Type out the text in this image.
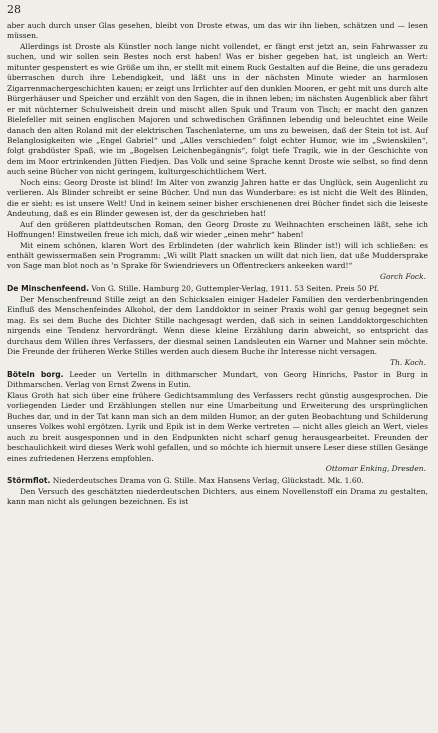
28

aber auch durch unser Glas gesehen, bleibt von Droste etwas, um das wir ihn lieben, schätzen und — lesen müssen.

Allerdings ist Droste als Künstler noch lange nicht vollendet, er fängt erst jetzt an, sein Fahrwasser zu suchen, und wir sollen sein Bestes noch erst haben! Was er bisher gegeben hat, ist ungleich an Wert: mitunter gespenstert es wie Größe um ihn, er stellt mit einem Ruck Gestalten auf die Beine, die uns geradezu überraschen durch ihre Lebendigkeit, und läßt uns in der nächsten Minute wieder an harmlosen Zigarrenmachergeschichten kauen; er zeigt uns Irrlichter auf den dunklen Mooren, er geht mit uns durch alte Bürgerhäuser und Speicher und erzählt von den Sagen, die in ihnen leben; im nächsten Augenblick aber fährt er mit nüchterner Schulweisheit drein und mischt allen Spuk und Traum von Tisch; er macht den ganzen Bielefeller mit seinen englischen Majoren und schwedischen Gräfinnen lebendig und beleuchtet eine Weile danach den alten Roland mit der elektrischen Taschenlaterne, um uns zu beweisen, daß der Stein tot ist. Auf Belanglosigkeiten wie „Engel Gabriel“ und „Alles verschieden“ folgt echter Humor, wie im „Swienskilen“, folgt grabdüster Spaß, wie im „Bogelsen Leichenbegängnis“, folgt tiefe Tragik, wie in der Geschichte von dem im Moor ertrinkenden Jütten Fiedjen. Das Volk und seine Sprache kennt Droste wie selbst, so find denn auch seine Bücher von nicht geringem, kulturgeschichtlichem Wert.

Noch eins: Georg Droste ist blind! Im Alter von zwanzig Jahren hatte er das Unglück, sein Augenlicht zu verlieren. Als Blinder schreibt er seine Bücher. Und nun das Wunderbare: es ist nicht die Welt des Blinden, die er sieht: es ist unsere Welt! Und in keinem seiner bisher erschienenen drei Bücher findet sich die leiseste Andeutung, daß es ein Blinder gewesen ist, der da geschrieben hat!

Auf den größeren plattdeutschen Roman, den Georg Droste zu Weihnachten erscheinen läßt, sehe ich Hoffnungen! Einstweilen freue ich mich, daß wir wieder „einen mehr“ haben!

Mit einem schönen, klaren Wort des Erblindeten (der wahrlich kein Blinder ist!) will ich schließen: es enthält gewissermaßen sein Programm: „Wi willt Platt snacken un willt dat nich lien, dat uße Muddersprake von Sage man blot noch as 'n Sprake för Swiendrievers un Offentreckers ankeeken ward!“

Gorch Fock.

De Minschenfeend. Von G. Stille. Hamburg 20, Guttempler-Verlag, 1911. 53 Seiten. Preis 50 Pf.

Der Menschenfreund Stille zeigt an den Schicksalen einiger Hadeler Familien den verderbenbringenden Einfluß des Menschenfeindes Alkohol, der dem Landdoktor in seiner Praxis wohl gar genug begegnet sein mag. Es sei dem Buche des Dichter Stille nachgesagt werden, daß sich in seinen Landdoktorgeschichten nirgends eine Tendenz hervordrängt. Wenn diese kleine Erzählung darin abweicht, so entspricht das durchaus dem Willen ihres Verfassers, der diesmal seinen Landsleuten ein Warner und Mahner sein möchte. Die Freunde der früheren Werke Stilles werden auch diesem Buche ihr Interesse nicht versagen.

Th. Koch.

Böteln borg. Leeder un Vertelln in dithmarscher Mundart, von Georg Hinrichs, Pastor in Burg in Dithmarschen. Verlag von Ernst Zwens in Eutin.

Klaus Groth hat sich über eine frühere Gedichtsammlung des Verfassers recht günstig ausgesprochen. Die vorliegenden Lieder und Erzählungen stellen nur eine Umarbeitung und Erweiterung des ursprünglichen Buches dar, und in der Tat kann man sich an dem milden Humor, an der guten Beobachtung und Schilderung unseres Volkes wohl ergötzen. Lyrik und Epik ist in dem Werke vertreten — nicht alles gleich an Wert, vieles auch zu breit ausgesponnen und in den Endpunkten nicht scharf genug herausgearbeitet. Freunden der beschaulichkeit wird dieses Werk wohl gefallen, und so möchte ich hiermit unsere Leser diese stillen Gesänge eines zufriedenen Herzens empfohlen.

Ottomar Enking, Dresden.

Störmflot. Niederdeutsches Drama von G. Stille. Max Hansens Verlag, Glückstadt. Mk. 1.60.

Den Versuch des geschätzten niederdeutschen Dichters, aus einem Novellenstoff ein Drama zu gestalten, kann man nicht als gelungen bezeichnen. Es ist
